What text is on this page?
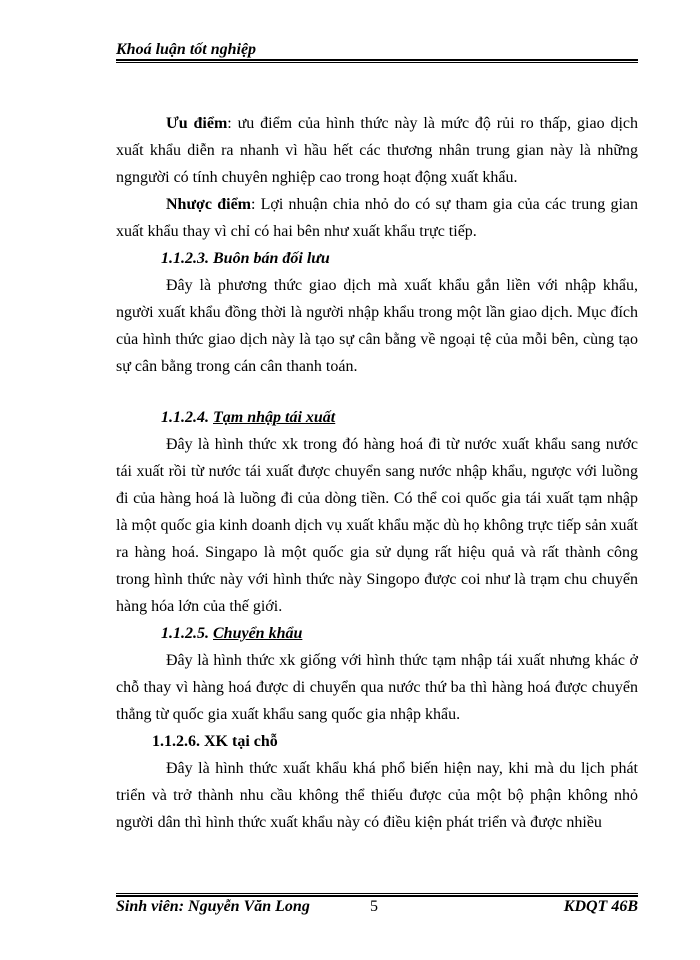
Khoá luận tốt nghiệp

Ưu điểm: ưu điểm của hình thức này là mức độ rủi ro thấp, giao dịch xuất khẩu diễn ra nhanh vì hầu hết các thương nhân trung gian này là những ngngười có tính chuyên nghiệp cao trong hoạt động xuất khẩu.

Nhược điểm: Lợi nhuận chia nhỏ do có sự tham gia của các trung gian xuất khẩu thay vì chỉ có hai bên như xuất khẩu trực tiếp.

1.1.2.3. Buôn bán đối lưu

Đây là phương thức giao dịch mà xuất khẩu gắn liền với nhập khẩu, người xuất khẩu đồng thời là người nhập khẩu trong một lần giao dịch. Mục đích của hình thức giao dịch này là tạo sự cân bằng về ngoại tệ của mỗi bên, cùng tạo sự cân bằng trong cán cân thanh toán.

1.1.2.4. Tạm nhập tái xuất

Đây là hình thức xk trong đó hàng hoá đi từ nước xuất khẩu sang nước tái xuất rồi từ nước tái xuất được chuyển sang nước nhập khẩu, ngược với luồng đi của hàng hoá là luồng đi của dòng tiền. Có thể coi quốc gia tái xuất tạm nhập là một quốc gia kinh doanh dịch vụ xuất khẩu mặc dù họ không trực tiếp sản xuất ra hàng hoá. Singapo là một quốc gia sử dụng rất hiệu quả và rất thành công trong hình thức này với hình thức này Singopo được coi như là trạm chu chuyển hàng hóa lớn của thế giới.

1.1.2.5. Chuyển khẩu

Đây là hình thức xk giống với hình thức tạm nhập tái xuất nhưng khác ở chỗ thay vì hàng hoá được di chuyển qua nước thứ ba thì hàng hoá được chuyển thẳng từ quốc gia xuất khẩu sang quốc gia nhập khẩu.

1.1.2.6. XK tại chỗ

Đây là hình thức xuất khẩu khá phổ biến hiện nay, khi mà du lịch phát triển và trở thành nhu cầu không thể thiếu được của một bộ phận không nhỏ người dân thì hình thức xuất khẩu này có điều kiện phát triển và được nhiều

Sinh viên: Nguyễn Văn Long	5	KDQT 46B
